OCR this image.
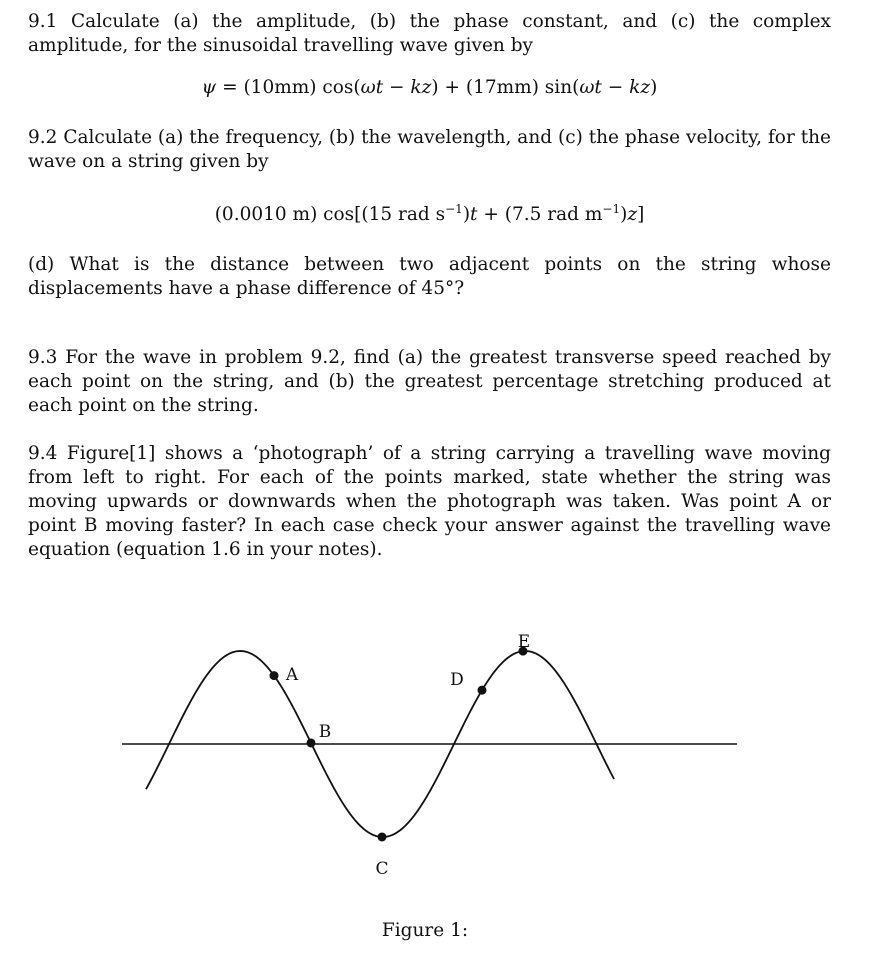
9.1 Calculate (a) the amplitude, (b) the phase constant, and (c) the complex amplitude, for the sinusoidal travelling wave given by

ψ = (10mm) cos(ωt − kz) + (17mm) sin(ωt − kz)

9.2 Calculate (a) the frequency, (b) the wavelength, and (c) the phase velocity, for the wave on a string given by

(0.0010 m) cos[(15 rad $s^{-1})t + (7.5$ rad $m^{-1})z$]

(d) What is the distance between two adjacent points on the string whose displacements have a phase difference of 45°?

9.3 For the wave in problem 9.2, find (a) the greatest transverse speed reached by each point on the string, and (b) the greatest percentage stretching produced at each point on the string.

9.4 Figure[1] shows a ‘photograph’ of a string carrying a travelling wave moving from left to right. For each of the points marked, state whether the string was moving upwards or downwards when the photograph was taken. Was point A or point B moving faster? In each case check your answer against the travelling wave equation (equation 1.6 in your notes).

A
B
C
D
E
Figure 1:
